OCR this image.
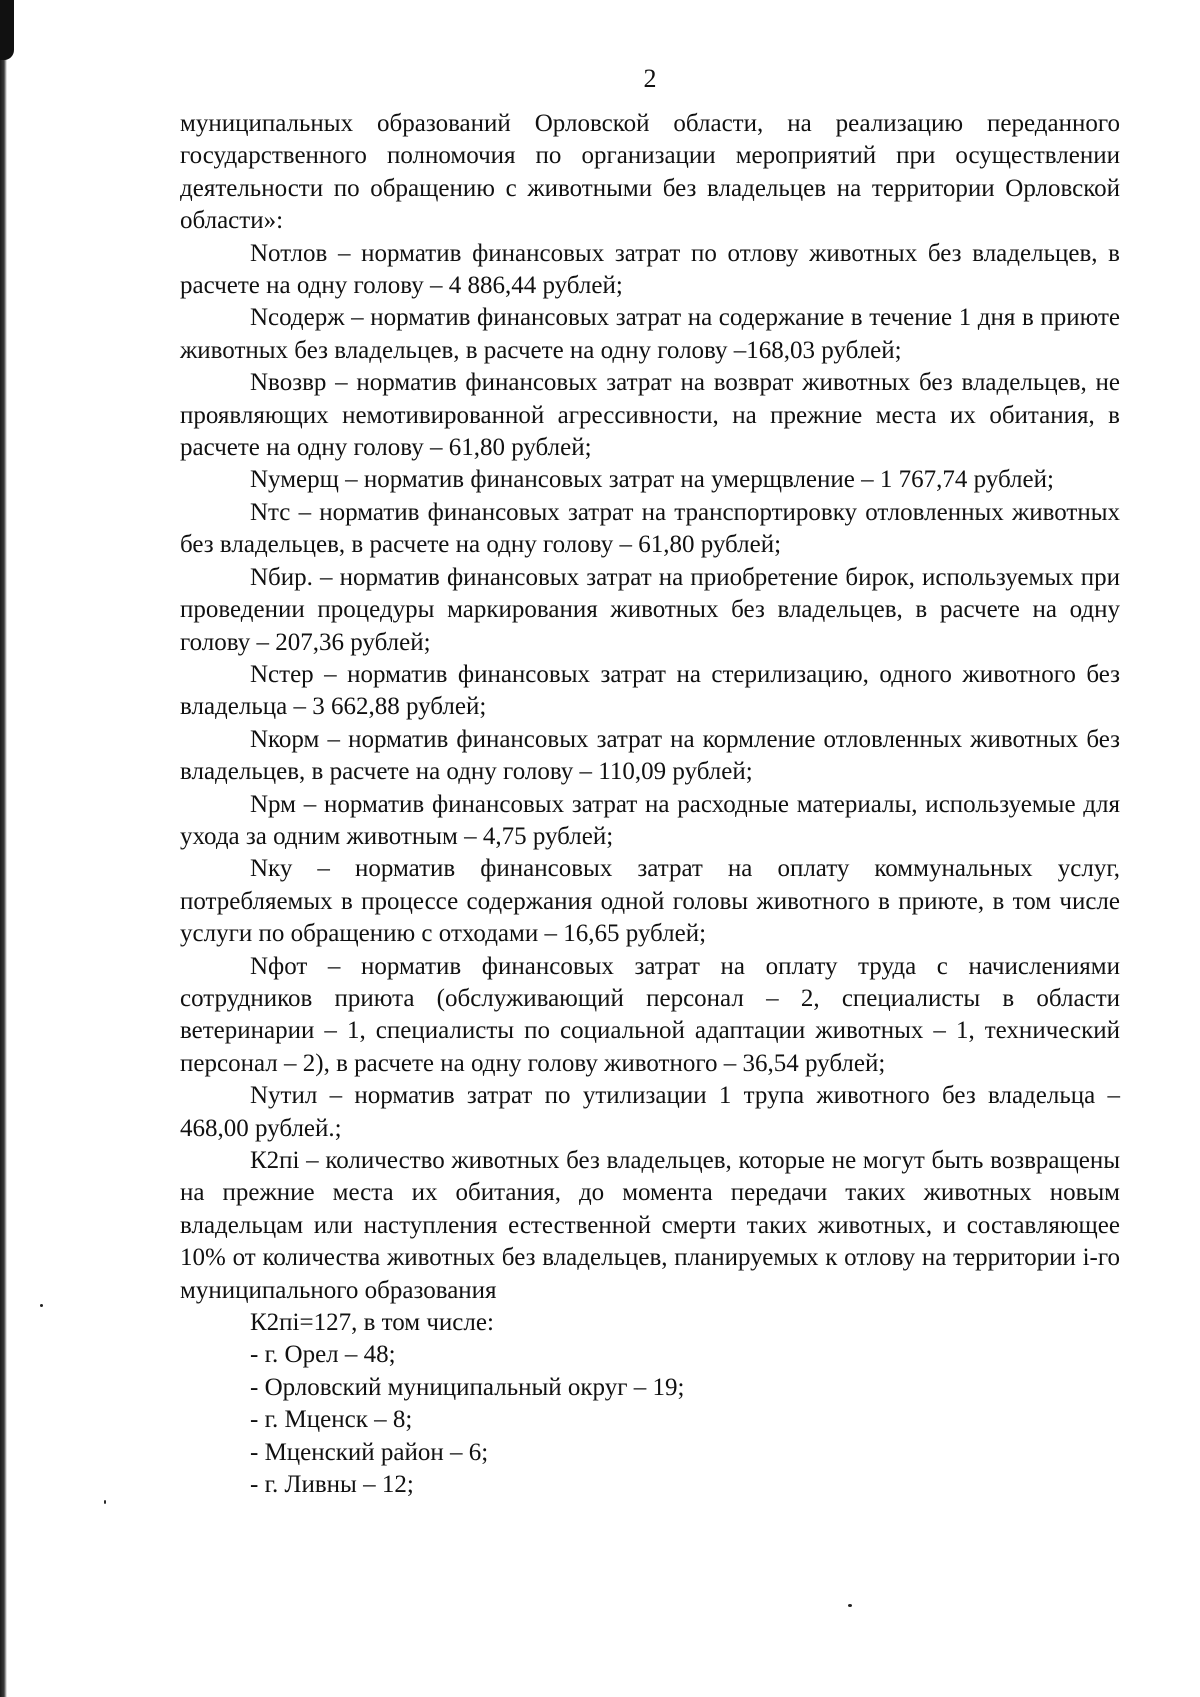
2

муниципальных образований Орловской области, на реализацию переданного государственного полномочия по организации мероприятий при осуществлении деятельности по обращению с животными без владельцев на территории Орловской области»:

Nотлов – норматив финансовых затрат по отлову животных без владельцев, в расчете на одну голову – 4 886,44 рублей;

Nсодерж – норматив финансовых затрат на содержание в течение 1 дня в приюте животных без владельцев, в расчете на одну голову –168,03 рублей;

Nвозвр – норматив финансовых затрат на возврат животных без владельцев, не проявляющих немотивированной агрессивности, на прежние места их обитания, в расчете на одну голову – 61,80 рублей;

Nумерщ – норматив финансовых затрат на умерщвление – 1 767,74 рублей;

Nтс – норматив финансовых затрат на транспортировку отловленных животных без владельцев, в расчете на одну голову – 61,80 рублей;

Nбир. – норматив финансовых затрат на приобретение бирок, используемых при проведении процедуры маркирования животных без владельцев, в расчете на одну голову – 207,36 рублей;

Nстер – норматив финансовых затрат на стерилизацию, одного животного без владельца – 3 662,88 рублей;

Nкорм – норматив финансовых затрат на кормление отловленных животных без владельцев, в расчете на одну голову – 110,09 рублей;

Nрм – норматив финансовых затрат на расходные материалы, используемые для ухода за одним животным – 4,75 рублей;

Nку – норматив финансовых затрат на оплату коммунальных услуг, потребляемых в процессе содержания одной головы животного в приюте, в том числе услуги по обращению с отходами – 16,65 рублей;

Nфот – норматив финансовых затрат на оплату труда с начислениями сотрудников приюта (обслуживающий персонал – 2, специалисты в области ветеринарии – 1, специалисты по социальной адаптации животных – 1, технический персонал – 2), в расчете на одну голову животного – 36,54 рублей;

Nутил – норматив затрат по утилизации 1 трупа животного без владельца – 468,00 рублей.;

К2пі – количество животных без владельцев, которые не могут быть возвращены на прежние места их обитания, до момента передачи таких животных новым владельцам или наступления естественной смерти таких животных, и составляющее 10% от количества животных без владельцев, планируемых к отлову на территории і-го муниципального образования

К2пі=127, в том числе:

- г. Орел – 48;

- Орловский муниципальный округ – 19;

- г. Мценск – 8;

- Мценский район – 6;

- г. Ливны – 12;
